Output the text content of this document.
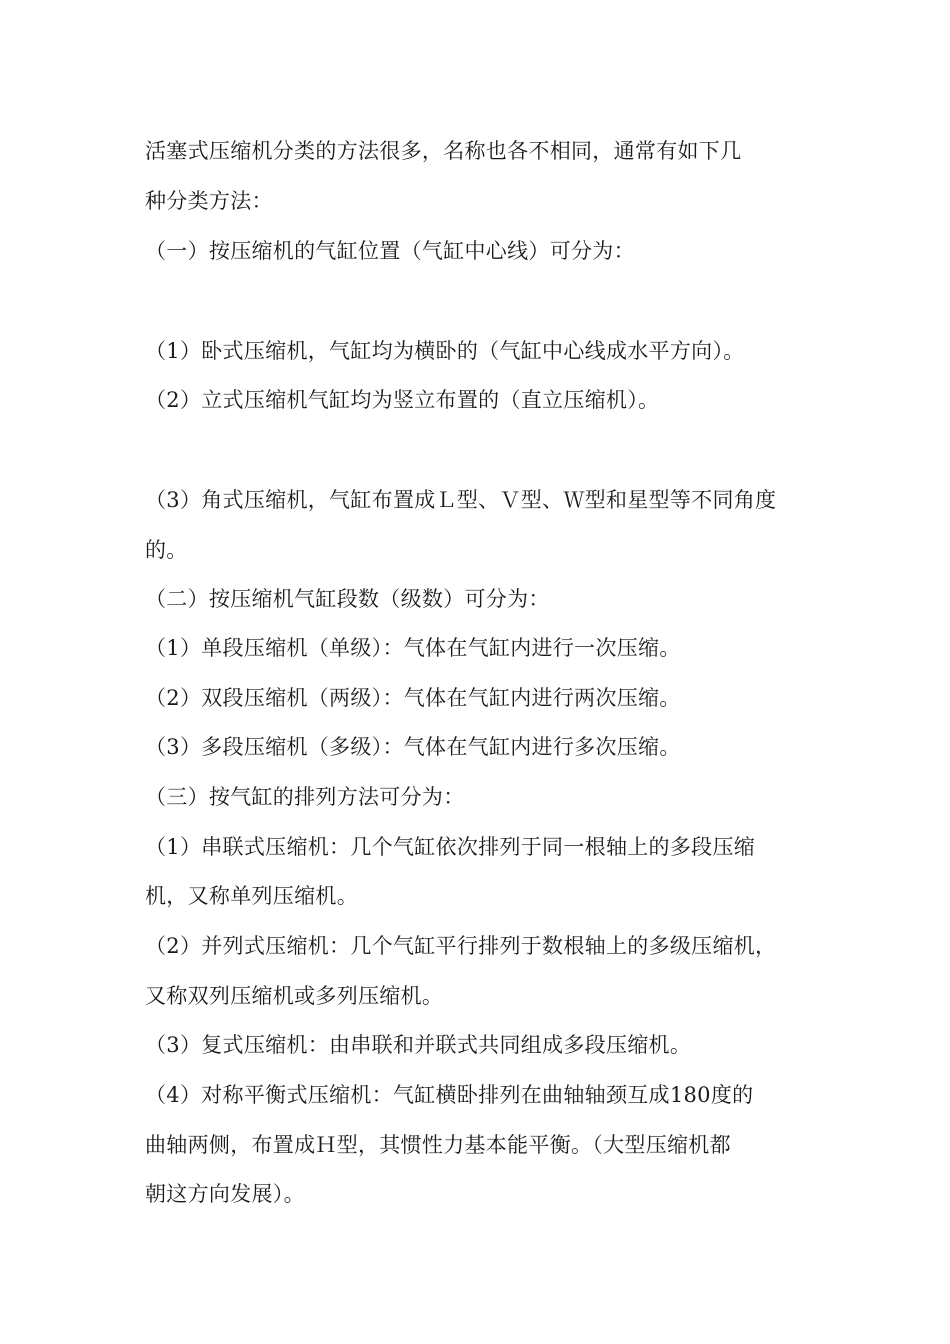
活塞式压缩机分类的方法很多，名称也各不相同，通常有如下几
种分类方法：
（一）按压缩机的气缸位置（气缸中心线）可分为：
（1）卧式压缩机，气缸均为横卧的（气缸中心线成水平方向）。
（2）立式压缩机气缸均为竖立布置的（直立压缩机）。
（3）角式压缩机，气缸布置成Ｌ型、Ｖ型、Ｗ型和星型等不同角度
的。
（二）按压缩机气缸段数（级数）可分为：
（1）单段压缩机（单级）：气体在气缸内进行一次压缩。
（2）双段压缩机（两级）：气体在气缸内进行两次压缩。
（3）多段压缩机（多级）：气体在气缸内进行多次压缩。
（三）按气缸的排列方法可分为：
（1）串联式压缩机：几个气缸依次排列于同一根轴上的多段压缩
机，又称单列压缩机。
（2）并列式压缩机：几个气缸平行排列于数根轴上的多级压缩机，
又称双列压缩机或多列压缩机。
（3）复式压缩机：由串联和并联式共同组成多段压缩机。
（4）对称平衡式压缩机：气缸横卧排列在曲轴轴颈互成180度的
曲轴两侧，布置成Ｈ型，其惯性力基本能平衡。（大型压缩机都
朝这方向发展）。
